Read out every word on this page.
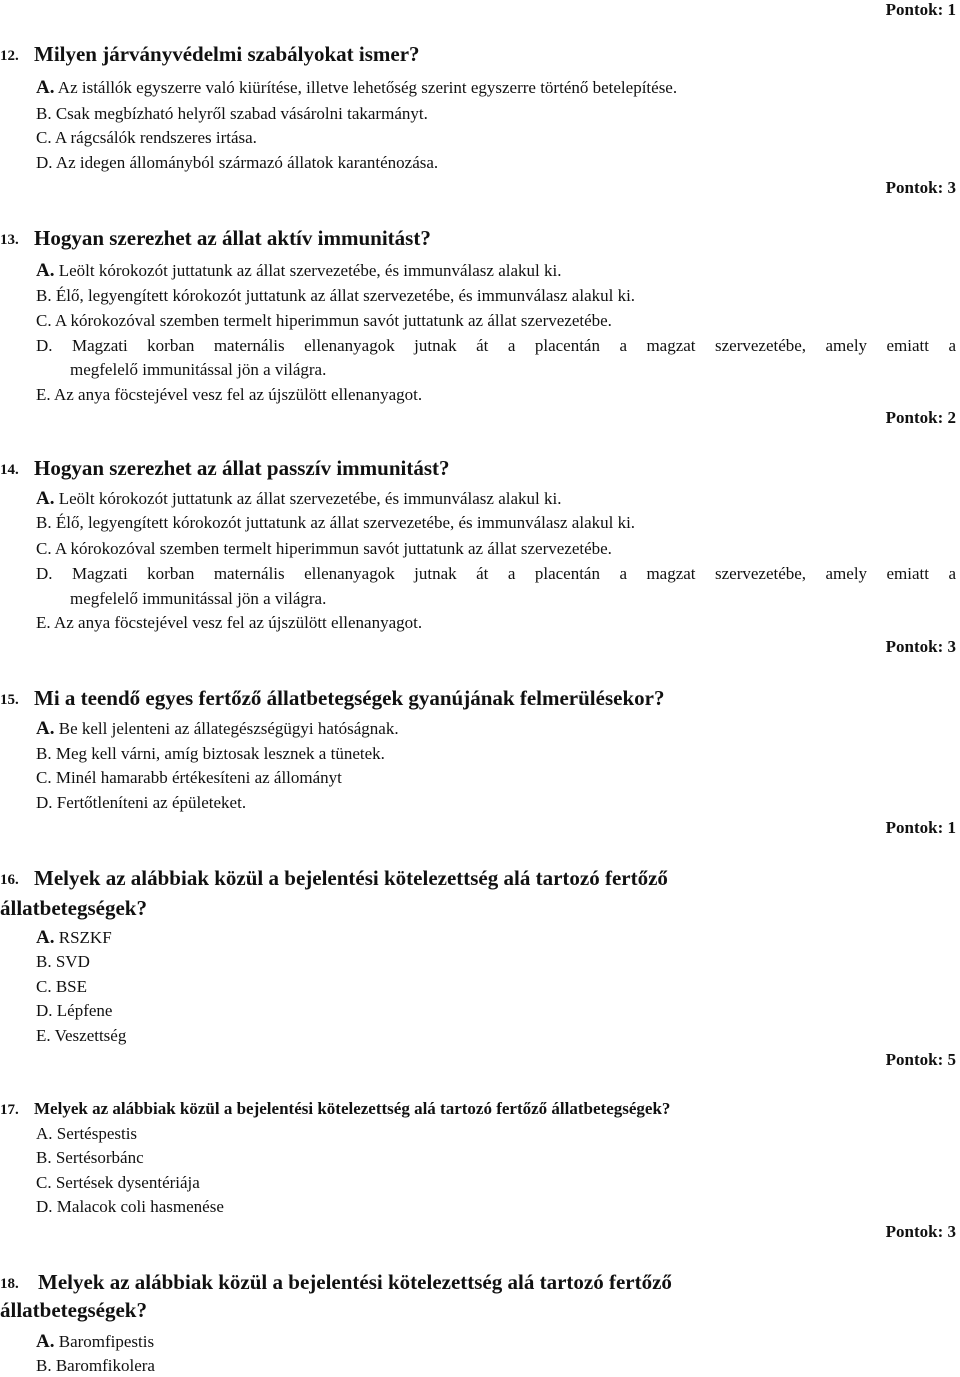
Pontok: 1
Pontok: 3
Pontok: 2
Pontok: 3
Pontok: 1
Pontok: 5
Pontok: 3
12. Milyen járványvédelmi szabályokat ismer?
A. Az istállók egyszerre való kiürítése, illetve lehetőség szerint egyszerre történő betelepítése.
B. Csak megbízható helyről szabad vásárolni takarmányt.
C. A rágcsálók rendszeres irtása.
D. Az idegen állományból származó állatok karanténozása.
13. Hogyan szerezhet az állat aktív immunitást?
A. Leölt kórokozót juttatunk az állat szervezetébe, és immunválasz alakul ki.
B. Élő, legyengített kórokozót juttatunk az állat szervezetébe, és immunválasz alakul ki.
C. A kórokozóval szemben termelt hiperimmun savót juttatunk az állat szervezetébe.
D. Magzati korban maternális ellenanyagok jutnak át a placentán a magzat szervezetébe, amely emiatt a
megfelelő immunitással jön a világra.
E. Az anya föcstejével vesz fel az újszülött ellenanyagot.
14. Hogyan szerezhet az állat passzív immunitást?
A. Leölt kórokozót juttatunk az állat szervezetébe, és immunválasz alakul ki.
B. Élő, legyengített kórokozót juttatunk az állat szervezetébe, és immunválasz alakul ki.
C. A kórokozóval szemben termelt hiperimmun savót juttatunk az állat szervezetébe.
D. Magzati korban maternális ellenanyagok jutnak át a placentán a magzat szervezetébe, amely emiatt a
megfelelő immunitással jön a világra.
E. Az anya föcstejével vesz fel az újszülött ellenanyagot.
15. Mi a teendő egyes fertőző állatbetegségek gyanújának felmerülésekor?
A. Be kell jelenteni az állategészségügyi hatóságnak.
B. Meg kell várni, amíg biztosak lesznek a tünetek.
C. Minél hamarabb értékesíteni az állományt
D. Fertőtleníteni az épületeket.
16. Melyek az alábbiak közül a bejelentési kötelezettség alá tartozó fertőző
állatbetegségek?
A. RSZKF
B. SVD
C. BSE
D. Lépfene
E. Veszettség
17. Melyek az alábbiak közül a bejelentési kötelezettség alá tartozó fertőző állatbetegségek?
A. Sertéspestis
B. Sertésorbánc
C. Sertések dysentériája
D. Malacok coli hasmenése
18. Melyek az alábbiak közül a bejelentési kötelezettség alá tartozó fertőző
állatbetegségek?
A. Baromfipestis
B. Baromfikolera
